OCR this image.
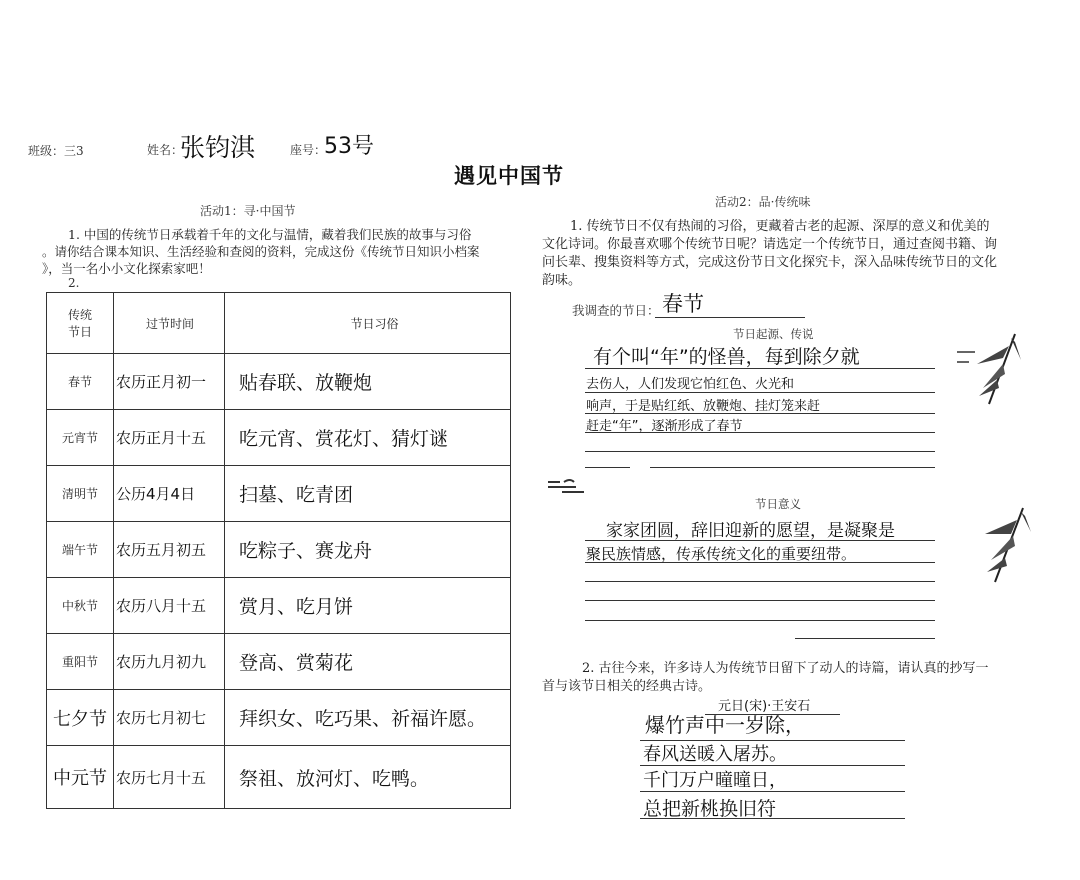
班级：三3	姓名：
张钧淇	座号：
53号
遇见中国节
活动1：寻·中国节
1. 中国的传统节日承载着千年的文化与温情，藏着我们民族的故事与习俗
。请你结合课本知识、生活经验和查阅的资料，完成这份《传统节日知识小档案
》，当一名小小文化探索家吧！
2.
传统
节日	过节时间	节日习俗
春节	农历正月初一	贴春联、放鞭炮
元宵节	农历正月十五	吃元宵、赏花灯、猜灯谜
清明节	公历4月4日	扫墓、吃青团
端午节	农历五月初五	吃粽子、赛龙舟
中秋节	农历八月十五	赏月、吃月饼
重阳节	农历九月初九	登高、赏菊花
七夕节	农历七月初七	拜织女、吃巧果、祈福许愿。
中元节	农历七月十五	祭祖、放河灯、吃鸭。
活动2：品·传统味
1. 传统节日不仅有热闹的习俗，更藏着古老的起源、深厚的意义和优美的
文化诗词。你最喜欢哪个传统节日呢？请选定一个传统节日，通过查阅书籍、询
问长辈、搜集资料等方式，完成这份节日文化探究卡，深入品味传统节日的文化
韵味。
我调查的节日： 春节
节日起源、传说
有个叫“年”的怪兽，每到除夕就
去伤人，人们发现它怕红色、火光和
响声，于是贴红纸、放鞭炮、挂灯笼来赶
赶走“年”，逐渐形成了春节
节日意义
家家团圆，辞旧迎新的愿望，是凝聚是
聚民族情感，传承传统文化的重要纽带。
2. 古往今来，许多诗人为传统节日留下了动人的诗篇，请认真的抄写一
首与该节日相关的经典古诗。
元日(宋)·王安石
爆竹声中一岁除，
春风送暖入屠苏。
千门万户曈曈日，
总把新桃换旧符
